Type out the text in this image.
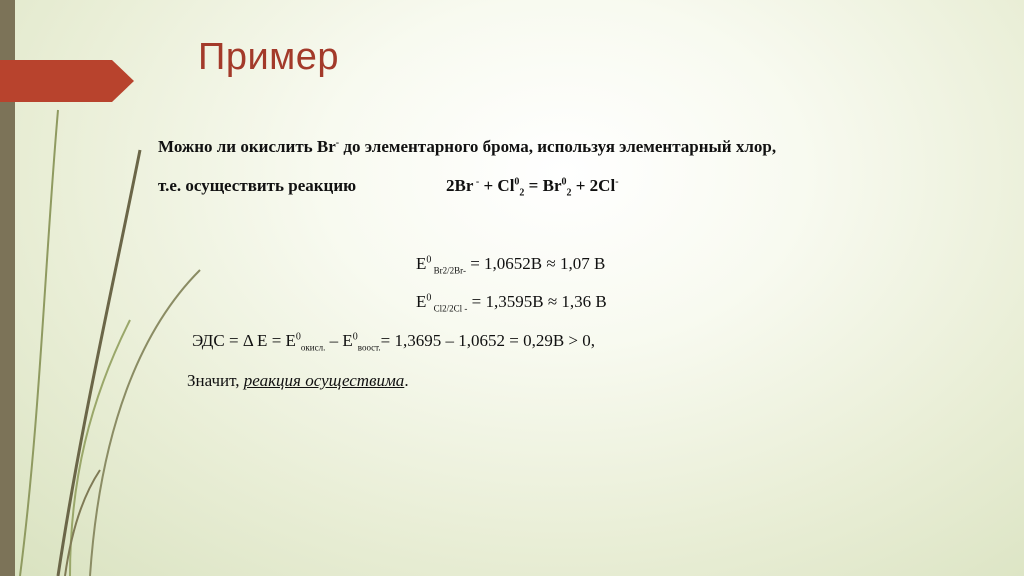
Пример
Можно ли окислить Br- до элементарного брома, используя элементарный хлор,
т.е. осуществить реакцию	2Br $^- + Cl^0_2 = Br^0_2 + 2Cl^-$
$E^0$ $_{Br2/2Br-}$ = 1,0652В ≈ 1,07 В
$E^0$ $_{Cl2/2Cl -}$ = 1,3595В ≈ 1,36 В
ЭДС = Δ $Е = Е^0_{окисл.} - Е^0_{воост.}= 1,3695 - 1,0652 = 0,29В > 0$,
Значит, реакция осуществима.
